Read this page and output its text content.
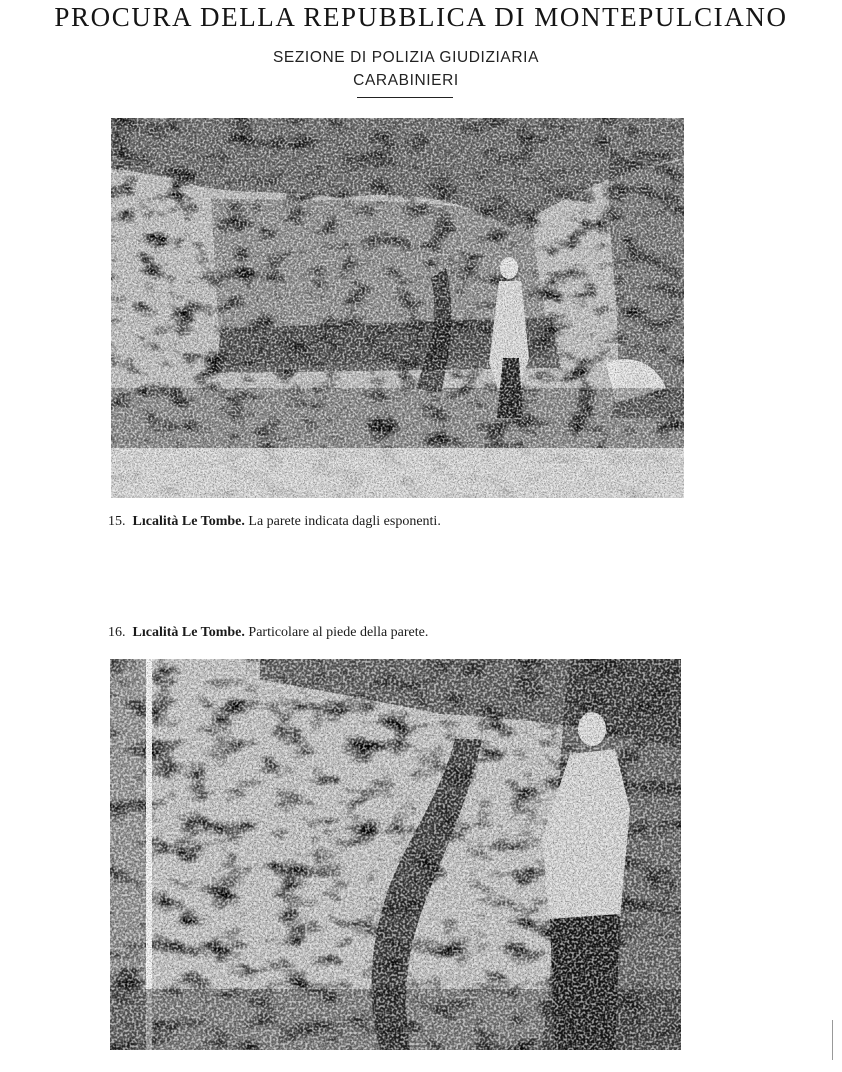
PROCURA DELLA REPUBBLICA DI MONTEPULCIANO
SEZIONE DI POLIZIA GIUDIZIARIA
CARABINIERI
15. Lıcalità Le Tombe. La parete indicata dagli esponenti.
16. Lıcalità Le Tombe. Particolare al piede della parete.
